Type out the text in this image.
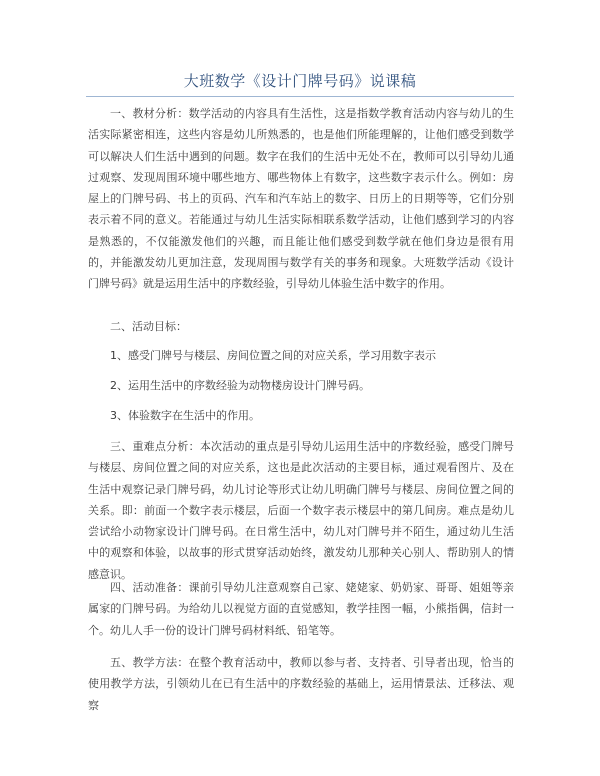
大班数学《设计门牌号码》说课稿

一、教材分析：数学活动的内容具有生活性，这是指数学教育活动内容与幼儿的生活实际紧密相连，这些内容是幼儿所熟悉的，也是他们所能理解的，让他们感受到数学可以解决人们生活中遇到的问题。数字在我们的生活中无处不在，教师可以引导幼儿通过观察、发现周围环境中哪些地方、哪些物体上有数字，这些数字表示什么。例如：房屋上的门牌号码、书上的页码、汽车和汽车站上的数字、日历上的日期等等，它们分别表示着不同的意义。若能通过与幼儿生活实际相联系数学活动，让他们感到学习的内容是熟悉的，不仅能激发他们的兴趣，而且能让他们感受到数学就在他们身边是很有用的，并能激发幼儿更加注意，发现周围与数学有关的事务和现象。大班数学活动《设计门牌号码》就是运用生活中的序数经验，引导幼儿体验生活中数字的作用。

二、活动目标：

1、感受门牌号与楼层、房间位置之间的对应关系，学习用数字表示

2、运用生活中的序数经验为动物楼房设计门牌号码。

3、体验数字在生活中的作用。

三、重难点分析：本次活动的重点是引导幼儿运用生活中的序数经验，感受门牌号与楼层、房间位置之间的对应关系，这也是此次活动的主要目标，通过观看图片、及在生活中观察记录门牌号码，幼儿讨论等形式让幼儿明确门牌号与楼层、房间位置之间的关系。即：前面一个数字表示楼层，后面一个数字表示楼层中的第几间房。难点是幼儿尝试给小动物家设计门牌号码。在日常生活中，幼儿对门牌号并不陌生，通过幼儿生活中的观察和体验，以故事的形式贯穿活动始终，激发幼儿那种关心别人、帮助别人的情感意识。

四、活动准备：课前引导幼儿注意观察自己家、姥姥家、奶奶家、哥哥、姐姐等亲属家的门牌号码。为给幼儿以视觉方面的直觉感知，教学挂图一幅，小熊指偶，信封一个。幼儿人手一份的设计门牌号码材料纸、铅笔等。

五、教学方法：在整个教育活动中，教师以参与者、支持者、引导者出现，恰当的使用教学方法，引领幼儿在已有生活中的序数经验的基础上，运用情景法、迁移法、观察
